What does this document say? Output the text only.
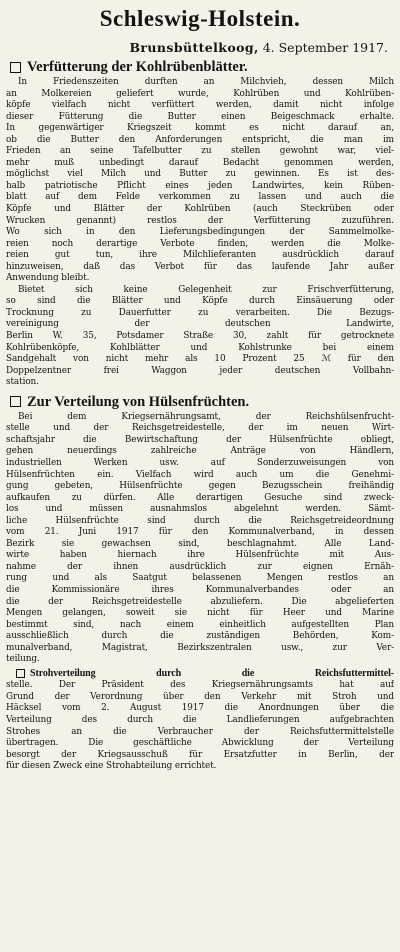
Schleswig-Holstein.
Brunsbüttelkoog, 4. September 1917.
Verfütterung der Kohlrübenblätter.
In Friedenszeiten durften an Milchvieh, dessen Milch
an Molkereien geliefert wurde, Kohlrüben und Kohlrüben-
köpfe vielfach nicht verfüttert werden, damit nicht infolge
dieser Fütterung die Butter einen Beigeschmack erhalte.
In gegenwärtiger Kriegszeit kommt es nicht darauf an,
ob die Butter den Anforderungen entspricht, die man im
Frieden an seine Tafelbutter zu stellen gewohnt war, viel-
mehr muß unbedingt darauf Bedacht genommen werden,
möglichst viel Milch und Butter zu gewinnen. Es ist des-
halb patriotische Pflicht eines jeden Landwirtes, kein Rüben-
blatt auf dem Felde verkommen zu lassen und auch die
Köpfe und Blätter der Kohlrüben (auch Steckrüben oder
Wrucken genannt) restlos der Verfütterung zuzuführen.
Wo sich in den Lieferungsbedingungen der Sammelmolke-
reien noch derartige Verbote finden, werden die Molke-
reien gut tun, ihre Milchlieferanten ausdrücklich darauf
hinzuweisen, daß das Verbot für das laufende Jahr außer
Anwendung bleibt.
Bietet sich keine Gelegenheit zur Frischverfütterung,
so sind die Blätter und Köpfe durch Einsäuerung oder
Trocknung zu Dauerfutter zu verarbeiten. Die Bezugs-
vereinigung der deutschen Landwirte,
Berlin W. 35, Potsdamer Straße 30, zahlt für getrocknete
Kohlrübenköpfe, Kohlblätter und Kohlstrunke bei einem
Sandgehalt von nicht mehr als 10 Prozent 25 ℳ für den
Doppelzentner frei Waggon jeder deutschen Vollbahn-
station.
Zur Verteilung von Hülsenfrüchten.
Bei dem Kriegsernährungsamt, der Reichshülsenfrucht-
stelle und der Reichsgetreidestelle, der im neuen Wirt-
schaftsjahr die Bewirtschaftung der Hülsenfrüchte obliegt,
gehen neuerdings zahlreiche Anträge von Händlern,
industriellen Werken usw. auf Sonderzuweisungen von
Hülsenfrüchten ein. Vielfach wird auch um die Genehmi-
gung gebeten, Hülsenfrüchte gegen Bezugsschein freihändig
aufkaufen zu dürfen. Alle derartigen Gesuche sind zweck-
los und müssen ausnahmslos abgelehnt werden. Sämt-
liche Hülsenfrüchte sind durch die Reichsgetreideordnung
vom 21. Juni 1917 für den Kommunalverband, in dessen
Bezirk sie gewachsen sind, beschlagnahmt. Alle Land-
wirte haben hiernach ihre Hülsenfrüchte mit Aus-
nahme der ihnen ausdrücklich zur eignen Ernäh-
rung und als Saatgut belassenen Mengen restlos an
die Kommissionäre ihres Kommunalverbandes oder an
die der Reichsgetreidestelle abzuliefern. Die abgelieferten
Mengen gelangen, soweit sie nicht für Heer und Marine
bestimmt sind, nach einem einheitlich aufgestellten Plan
ausschließlich durch die zuständigen Behörden, Kom-
munalverband, Magistrat, Bezirkszentralen usw., zur Ver-
teilung.
Strohverteilung durch die Reichsfuttermittel-
stelle. Der Präsident des Kriegsernährungsamts hat auf
Grund der Verordnung über den Verkehr mit Stroh und
Häcksel vom 2. August 1917 die Anordnungen über die
Verteilung des durch die Landlieferungen aufgebrachten
Strohes an die Verbraucher der Reichsfuttermittelstelle
übertragen. Die geschäftliche Abwicklung der Verteilung
besorgt der Kriegsausschuß für Ersatzfutter in Berlin, der
für diesen Zweck eine Strohabteilung errichtet.
